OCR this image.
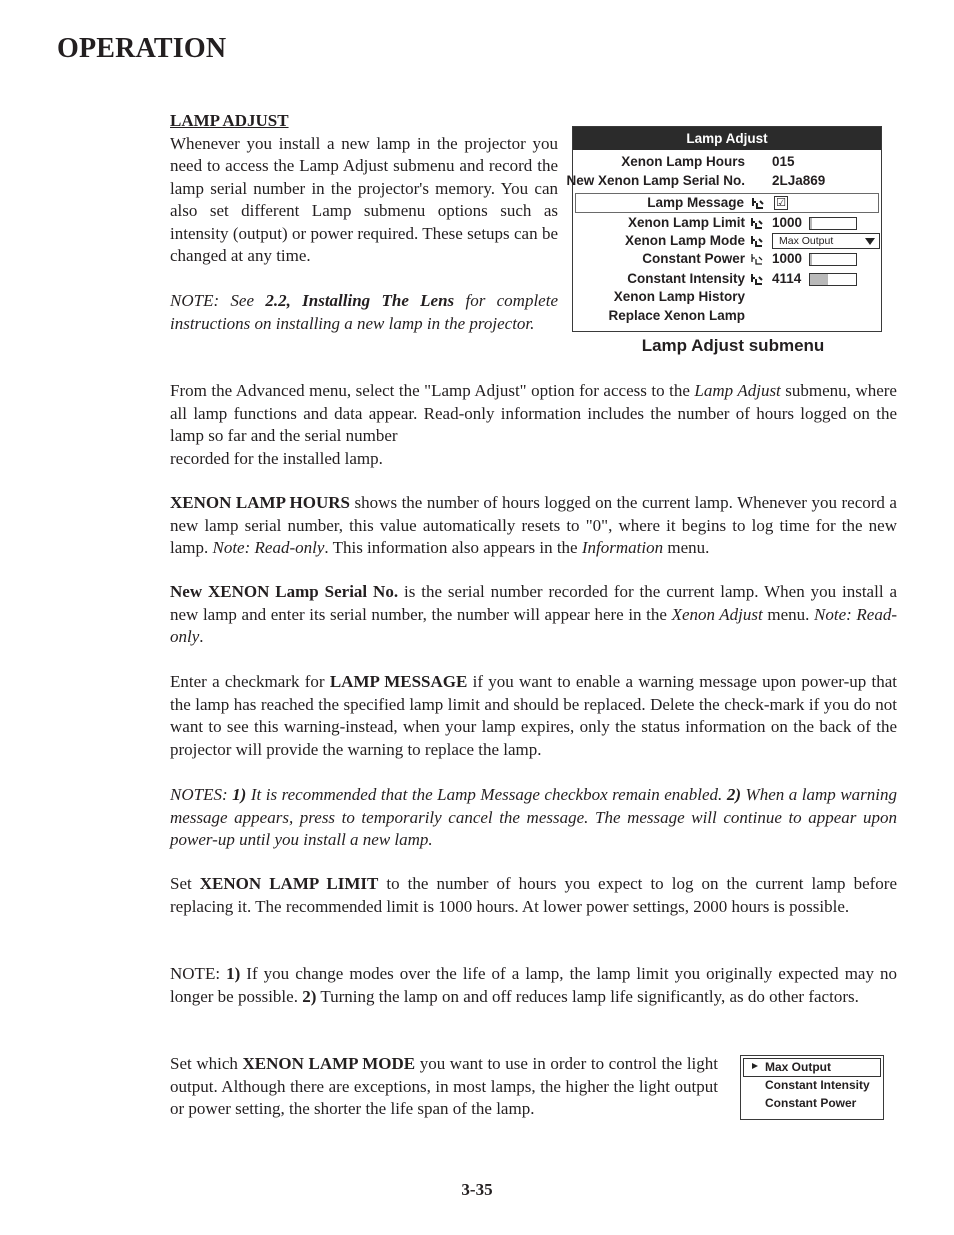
OPERATION
LAMP ADJUST

Whenever you install a new lamp in the projector you need to access the Lamp Adjust submenu and record the lamp serial number in the projector's memory. You can also set different Lamp submenu options such as intensity (output) or power required. These setups can be changed at any time.

NOTE: See 2.2, Installing The Lens for complete instructions on installing a new lamp in the projector.

Lamp Adjust
Xenon Lamp Hours 015
New Xenon Lamp Serial No. 2LJa869
Lamp Message	☑
Xenon Lamp Limit 1000
Xenon Lamp Mode	Max Output
Constant Power 1000
Constant Intensity 4114
Xenon Lamp History
Replace Xenon Lamp
Lamp Adjust submenu

From the Advanced menu, select the "Lamp Adjust" option for access to the Lamp Adjust submenu, where all lamp functions and data appear. Read-only information includes the number of hours logged on the lamp so far and the serial number

recorded for the installed lamp.

XENON LAMP HOURS shows the number of hours logged on the current lamp. Whenever you record a new lamp serial number, this value automatically resets to "0", where it begins to log time for the new lamp. Note: Read-only. This information also appears in the Information menu.

New XENON Lamp Serial No. is the serial number recorded for the current lamp. When you install a new lamp and enter its serial number, the number will appear here in the Xenon Adjust menu. Note: Read-only.

Enter a checkmark for LAMP MESSAGE if you want to enable a warning message upon power-up that the lamp has reached the specified lamp limit and should be replaced. Delete the check-mark if you do not want to see this warning-instead, when your lamp expires, only the status information on the back of the projector will provide the warning to replace the lamp.

NOTES: 1) It is recommended that the Lamp Message checkbox remain enabled. 2) When a lamp warning message appears, press to temporarily cancel the message. The message will continue to appear upon power-up until you install a new lamp.

Set XENON LAMP LIMIT to the number of hours you expect to log on the current lamp before replacing it. The recommended limit is 1000 hours. At lower power settings, 2000 hours is possible.

NOTE: 1) If you change modes over the life of a lamp, the lamp limit you originally expected may no longer be possible. 2) Turning the lamp on and off reduces lamp life significantly, as do other factors.

Set which XENON LAMP MODE you want to use in order to control the light output. Although there are exceptions, in most lamps, the higher the light output or power setting, the shorter the life span of the lamp.

Max Output
Constant Intensity
Constant Power
3-35
